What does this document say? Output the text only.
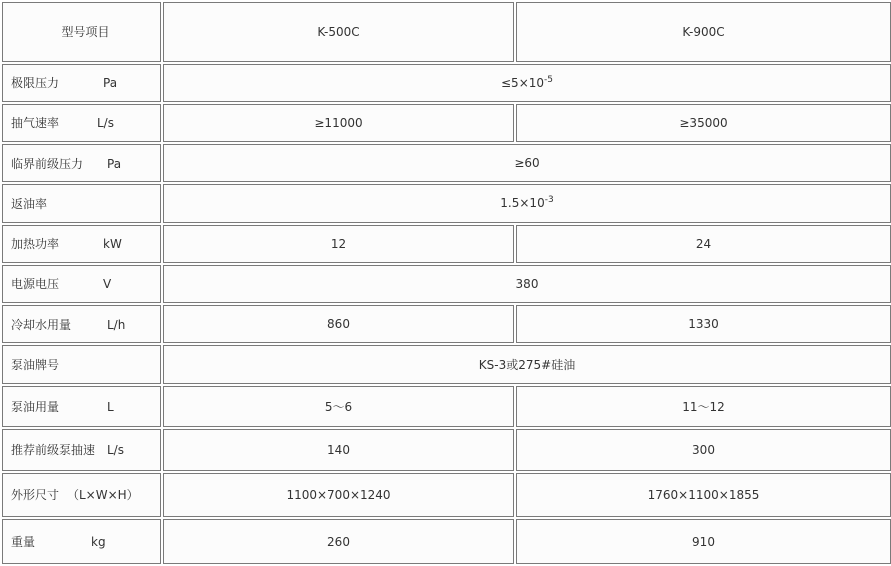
型号项目	K-500C	K-900C
极限压力 Pa	$\le 5\times 10^{-5}$
抽气速率 L/s	≥11000	≥35000
临界前级压力 Pa	≥60	
返油率	$1.5\times 10^{-3}$
加热功率 kW	12	24
电源电压 V	380	
冷却水用量 L/h	860	1330
泵油牌号	KS-3或275#硅油	
泵油用量 L	5～6	11～12
推荐前级泵抽速 L/s	140	300
外形尺寸 （L×W×H）	1100×700×1240	1760×1100×1855
重量 kg	260	910
